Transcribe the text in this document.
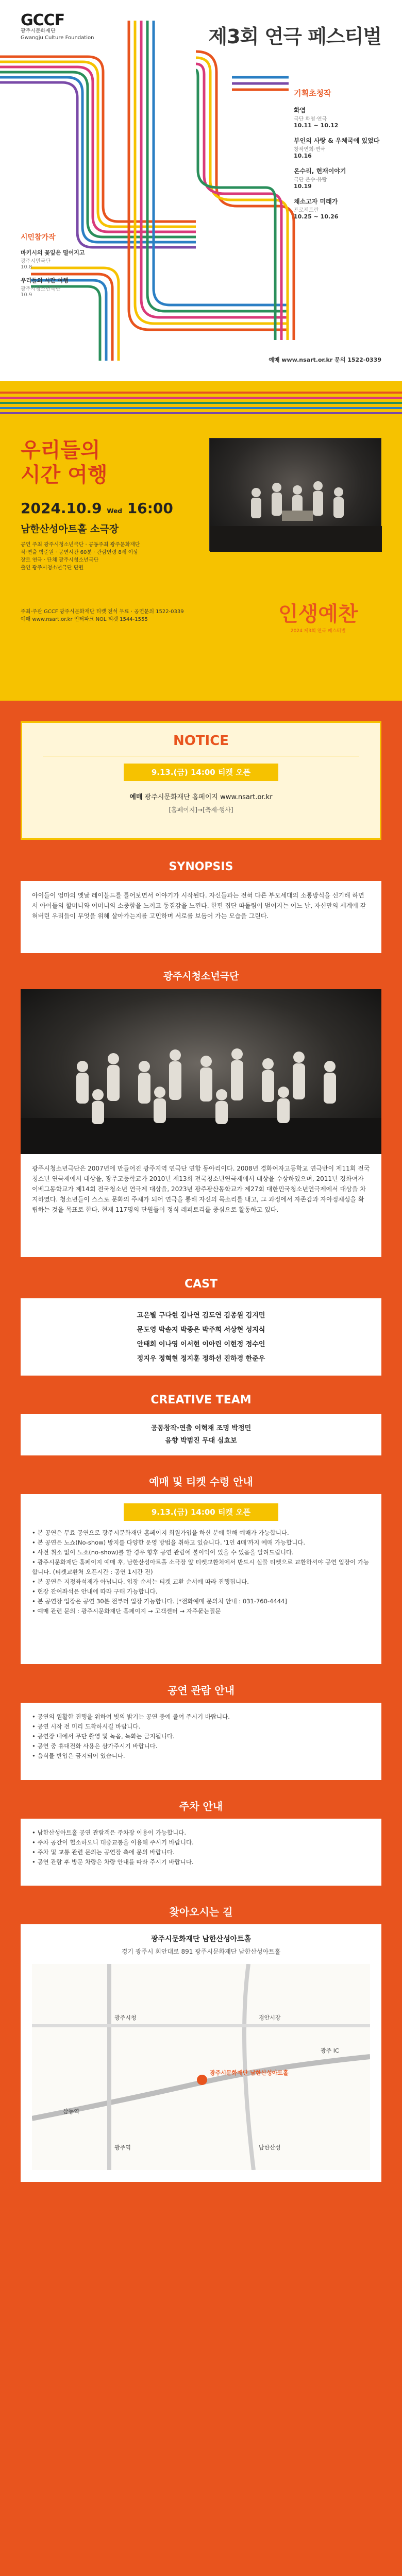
GCCF
광주시문화재단
Gwangju Culture Foundation	제3회 연극 페스티벌
기획초청작
화염
극단 화염·연극
10.11 ~ 10.12
부인의 사랑 & 우체국에 있었다
창작연희·연극
10.16
온수리, 현재이야기
극단 온수·유랑
10.19
채소고자 미래가
프로젝트란
10.25 ~ 10.26
시민참가작
마키시의 꽃잎은 떨어지고
광주시민극단
10.8
우리들의 시간 여행
광주시청소년극단
10.9
예매 www.nsart.or.kr 문의 1522-0339
우리들의
시간 여행
2024.10.9 Wed 16:00
남한산성아트홀 소극장
공연 주최 광주시청소년극단 · 공동주최 광주문화재단
작·연출 박준원 · 공연시간 60분 · 관람연령 8세 이상
장르 연극 · 단체 광주시청소년극단
출연 광주시청소년극단 단원
주최·주관 GCCF 광주시문화재단 티켓 전석 무료 · 공연문의 1522-0339
예매 www.nsart.or.kr 인터파크 NOL 티켓 1544-1555	인생예찬
2024 제3회 연극 페스티벌
NOTICE
9.13.(금) 14:00 티켓 오픈
예매 광주시문화재단 홈페이지 www.nsart.or.kr
[홈페이지]→[축제·행사]
SYNOPSIS
아이들이 엄마의 옛날 레이블드를 틀어보면서 이야기가 시작된다. 자신들과는 전혀 다른 부모세대의 소통방식을 신기해 하면서 아이들의 할머니와 어머니의 소중함을 느끼고 동질감을 느낀다. 한편 집단 따돌림이 벌어지는 어느 날, 자신만의 세계에 갇혀버린 우리들이 무엇을 위해 살아가는지를 고민하며 서로를 보듬어 가는 모습을 그린다.
광주시청소년극단
광주시청소년극단은 2007년에 만들어진 광주지역 연극단 연합 동아리이다. 2008년 경화여자고등학교 연극반이 제11회 전국청소년 연극제에서 대상을, 광주고등학교가 2010년 제13회 전국청소년연극제에서 대상을 수상하였으며, 2011년 경화여자 이베그동학교가 제14회 전국청소년 연극제 대상을, 2023년 광주광산동학교가 제27회 대한민국청소년연극제에서 대상을 차지하였다. 청소년들이 스스로 문화의 주체가 되어 연극을 통해 자신의 목소리를 내고, 그 과정에서 자존감과 자아정체성을 확립하는 것을 목표로 한다. 현재 117명의 단원들이 정식 레퍼토리를 중심으로 활동하고 있다.
CAST
고은별 구다현 김나연 김도연 김종원 김지민
문도영 박솔지 박종은 박주희 서상현 성지식
안태희 이나영 이서현 이아린 이현정 정수인
정지우 정혁현 정지훈 정하선 진하경 한준우
CREATIVE TEAM
공동창작·연출 이혁재 조명 박정민
음향 박범진 무대 심효보
예매 및 티켓 수령 안내
9.13.(금) 14:00 티켓 오픈
• 본 공연은 무료 공연으로 광주시문화재단 홈페이지 회원가입을 하신 분에 한해 예매가 가능합니다.
• 본 공연은 노쇼(No-show) 방지를 다양한 운영 방법을 취하고 있습니다. '1인 4매'까지 예매 가능합니다.
• 사전 취소 없이 노쇼(no-show)를 할 경우 향후 공연 관람에 불이익이 있을 수 있음을 알려드립니다.
• 광주시문화재단 홈페이지 예매 후, 남한산성아트홀 소극장 앞 티켓교환처에서 반드시 실물 티켓으로 교환하셔야 공연 입장이 가능합니다. (티켓교환처 오픈시간 : 공연 1시간 전)
• 본 공연은 지정좌석제가 아닙니다. 입장 순서는 티켓 교환 순서에 따라 진행됩니다.
• 현장 잔여좌석은 안내에 따라 구매 가능합니다.
• 본 공연장 입장은 공연 30분 전부터 입장 가능합니다. [*전화예매 문의처 안내 : 031-760-4444]
• 예매 관련 문의 : 광주시문화재단 홈페이지 → 고객센터 → 자주묻는질문
공연 관람 안내
• 공연의 원활한 진행을 위하여 빛의 밝기는 공연 중에 줄여 주시기 바랍니다.
• 공연 시작 전 미리 도착하시길 바랍니다.
• 공연장 내에서 무단 촬영 및 녹음, 녹화는 금지됩니다.
• 공연 중 휴대전화 사용은 삼가주시기 바랍니다.
• 음식물 반입은 금지되어 있습니다.
주차 안내
• 남한산성아트홀 공연 관람객은 주차장 이용이 가능합니다.
• 주차 공간이 협소하오니 대중교통을 이용해 주시기 바랍니다.
• 주차 및 교통 관련 문의는 공연장 측에 문의 바랍니다.
• 공연 관람 후 방문 차량은 차량 안내를 따라 주시기 바랍니다.
찾아오시는 길
광주시문화재단 남한산성아트홀
경기 광주시 회안대로 891 광주시문화재단 남한산성아트홀
광주시청
광주시문화재단 남한산성아트홀
광주 IC
삼동역
경안시장
광주역	남한산성
